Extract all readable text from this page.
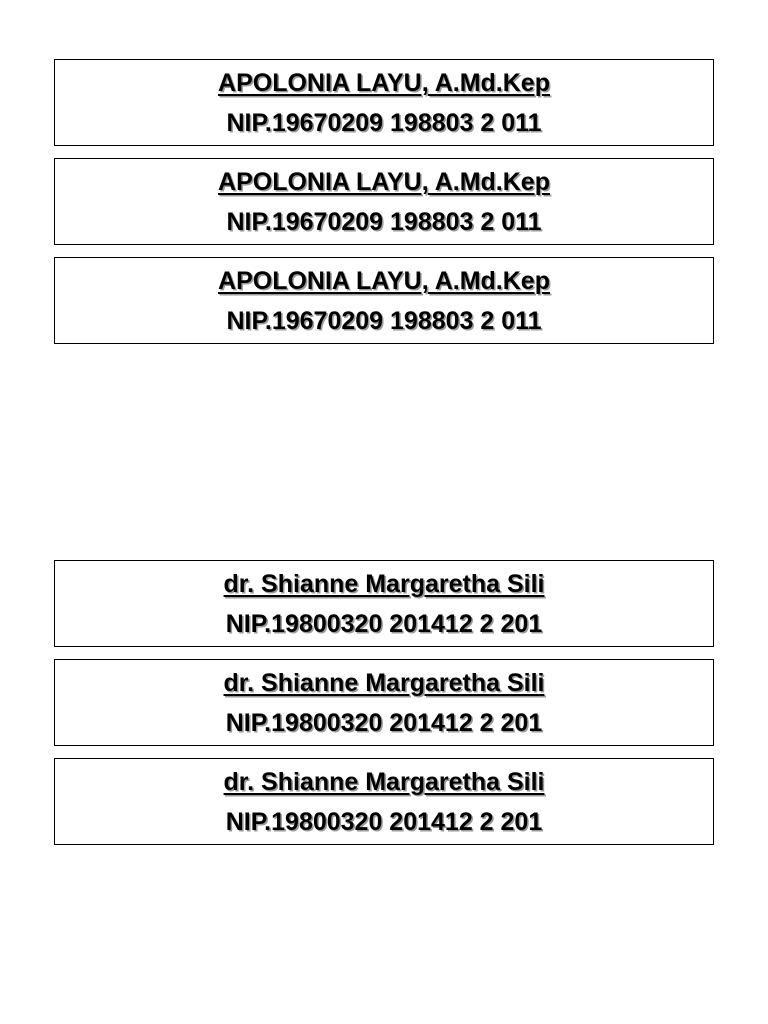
APOLONIA LAYU, A.Md.Kep
NIP.19670209 198803 2 011
APOLONIA LAYU, A.Md.Kep
NIP.19670209 198803 2 011
APOLONIA LAYU, A.Md.Kep
NIP.19670209 198803 2 011
dr. Shianne Margaretha Sili
NIP.19800320 201412 2 201
dr. Shianne Margaretha Sili
NIP.19800320 201412 2 201
dr. Shianne Margaretha Sili
NIP.19800320 201412 2 201
